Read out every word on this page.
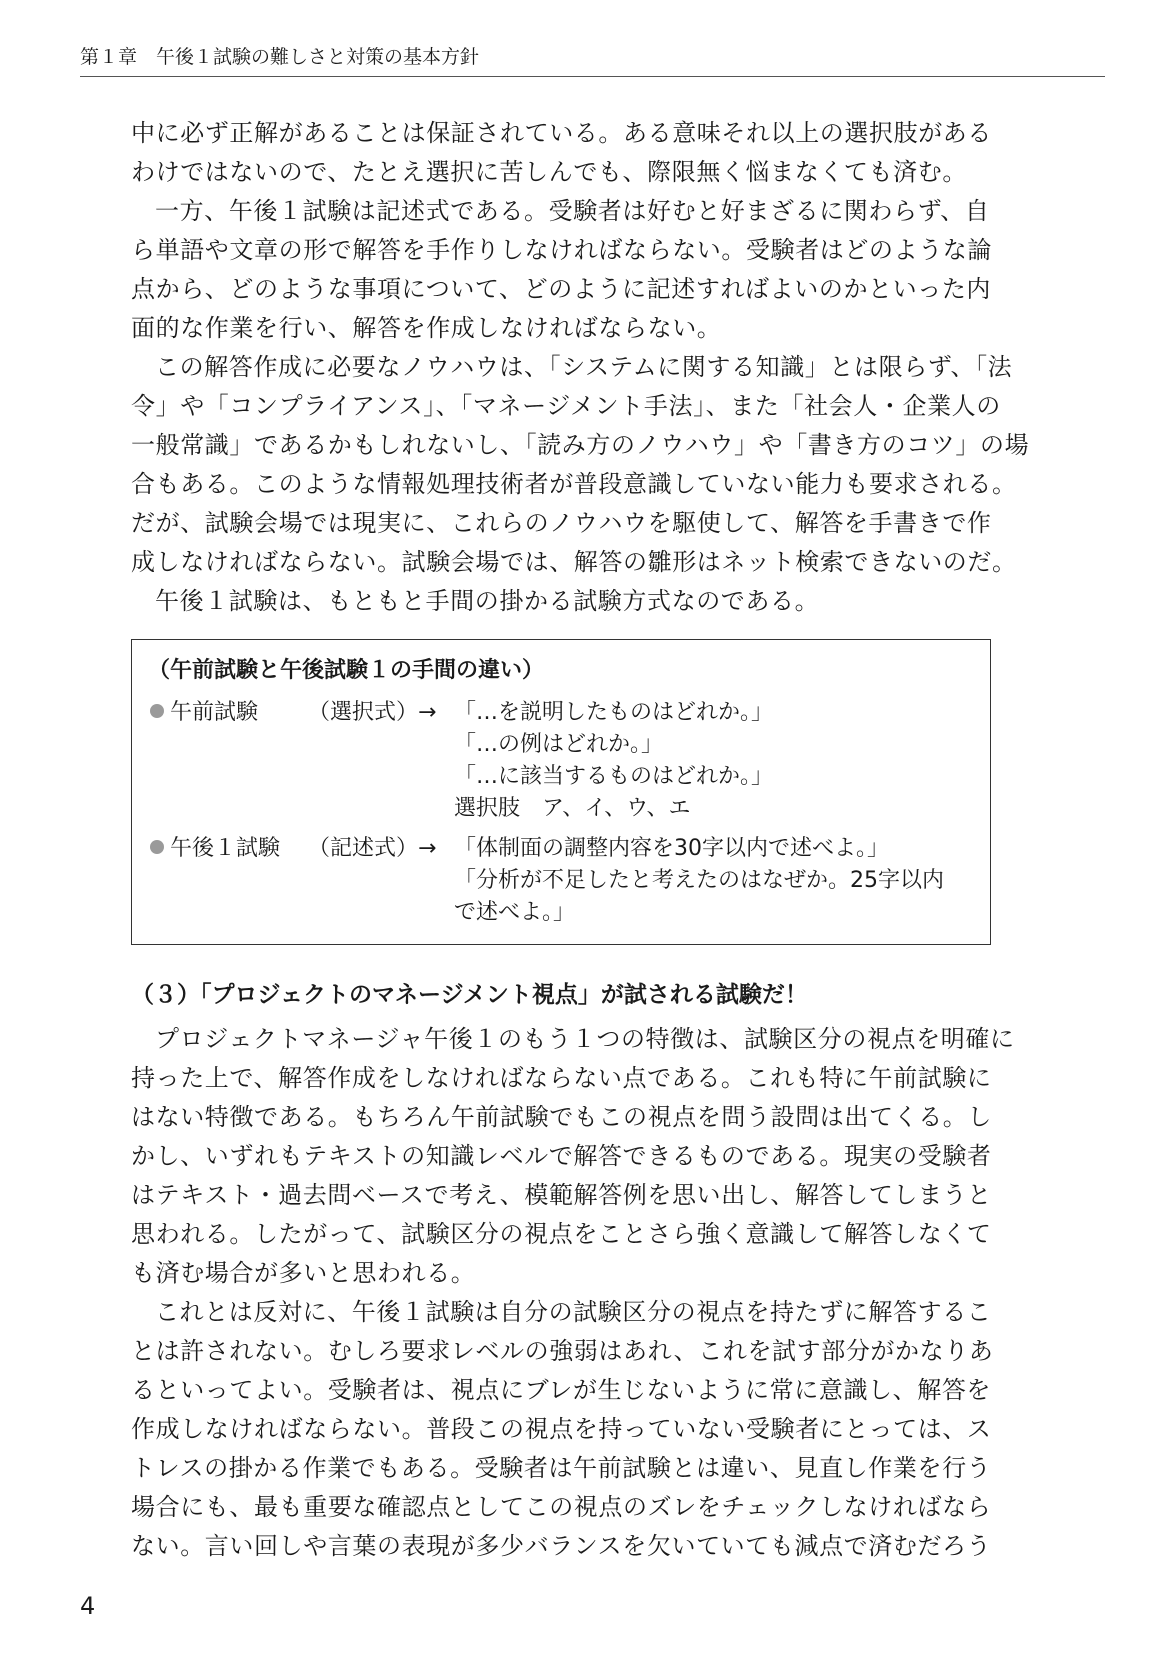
第１章　午後１試験の難しさと対策の基本方針

中に必ず正解があることは保証されている。ある意味それ以上の選択肢がある

わけではないので、たとえ選択に苦しんでも、際限無く悩まなくても済む。

一方、午後１試験は記述式である。受験者は好むと好まざるに関わらず、自

ら単語や文章の形で解答を手作りしなければならない。受験者はどのような論

点から、どのような事項について、どのように記述すればよいのかといった内

面的な作業を行い、解答を作成しなければならない。

この解答作成に必要なノウハウは、「システムに関する知識」とは限らず、「法

令」や「コンプライアンス」、「マネージメント手法」、また「社会人・企業人の

一般常識」であるかもしれないし、「読み方のノウハウ」や「書き方のコツ」の場

合もある。このような情報処理技術者が普段意識していない能力も要求される。

だが、試験会場では現実に、これらのノウハウを駆使して、解答を手書きで作

成しなければならない。試験会場では、解答の雛形はネット検索できないのだ。

午後１試験は、もともと手間の掛かる試験方式なのである。

（午前試験と午後試験１の手間の違い）
午前試験 （選択式）→ 「…を説明したものはどれか。」
「…の例はどれか。」
「…に該当するものはどれか。」
選択肢　ア、イ、ウ、エ
午後１試験 （記述式）→ 「体制面の調整内容を30字以内で述べよ。」
「分析が不足したと考えたのはなぜか。25字以内
で述べよ。」
（３）「プロジェクトのマネージメント視点」が試される試験だ！

プロジェクトマネージャ午後１のもう１つの特徴は、試験区分の視点を明確に

持った上で、解答作成をしなければならない点である。これも特に午前試験に

はない特徴である。もちろん午前試験でもこの視点を問う設問は出てくる。し

かし、いずれもテキストの知識レベルで解答できるものである。現実の受験者

はテキスト・過去問ベースで考え、模範解答例を思い出し、解答してしまうと

思われる。したがって、試験区分の視点をことさら強く意識して解答しなくて

も済む場合が多いと思われる。

これとは反対に、午後１試験は自分の試験区分の視点を持たずに解答するこ

とは許されない。むしろ要求レベルの強弱はあれ、これを試す部分がかなりあ

るといってよい。受験者は、視点にブレが生じないように常に意識し、解答を

作成しなければならない。普段この視点を持っていない受験者にとっては、ス

トレスの掛かる作業でもある。受験者は午前試験とは違い、見直し作業を行う

場合にも、最も重要な確認点としてこの視点のズレをチェックしなければなら

ない。言い回しや言葉の表現が多少バランスを欠いていても減点で済むだろう

4
